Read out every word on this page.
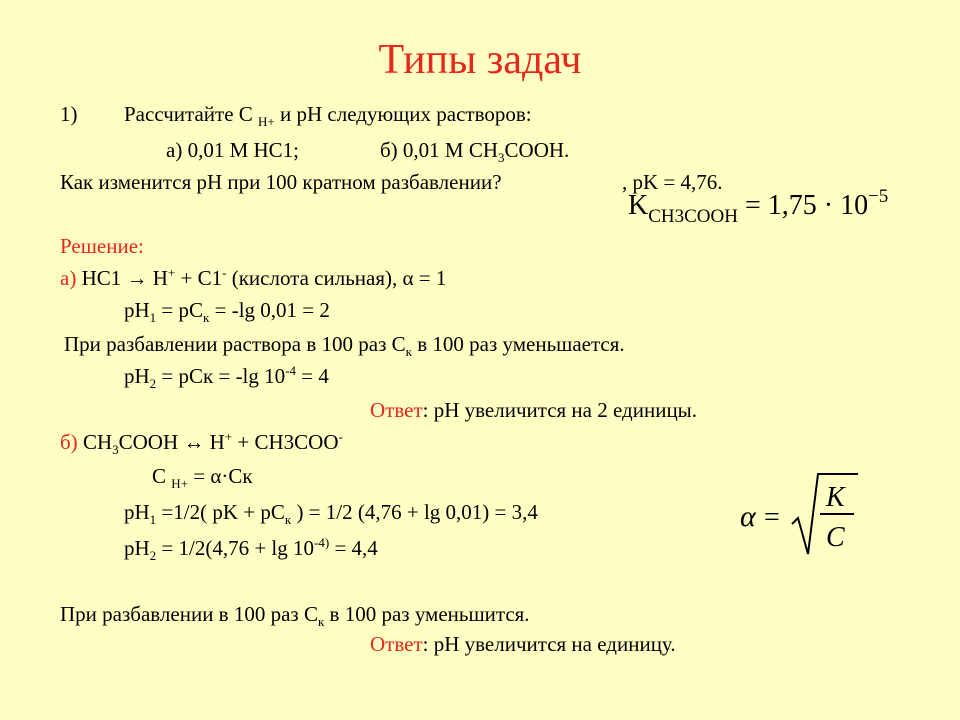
Типы задач
1) Рассчитайте C $_{H+}$ и pH следующих растворов:
а) 0,01 М НС1;	б) 0,01 М $CH_3COOH$.
Как изменится pH при 100 кратном разбавлении?	, pK = 4,76.
$K_{CH3COOH} = 1,75 \cdot 10^{-5}$
Решение:
а) НС1 → H+ + C1- (кислота сильная), α = 1
$pH_1 = pC_к = -\lg$ 0,01 = 2
При разбавлении раствора в 100 раз $С_к$ в 100 раз уменьшается.
$pH_2$ = pCк = -lg $10^{-4} = 4$
Ответ: pH увеличится на 2 единицы.
б) $CH_3COOH$ ↔ H+ + CH3COO-
C $_{H+}$ = α·Cк
$pH_1 =1/2$( pK + $pC_к$ ) = 1/2 (4,76 + lg 0,01) = 3,4
$pH_2 = 1/2(4,76 + \lg 10^{-4)} = 4,4$
При разбавлении в 100 раз $С_к$ в 100 раз уменьшится.
Ответ: pH увеличится на единицу.
α =
K
C
